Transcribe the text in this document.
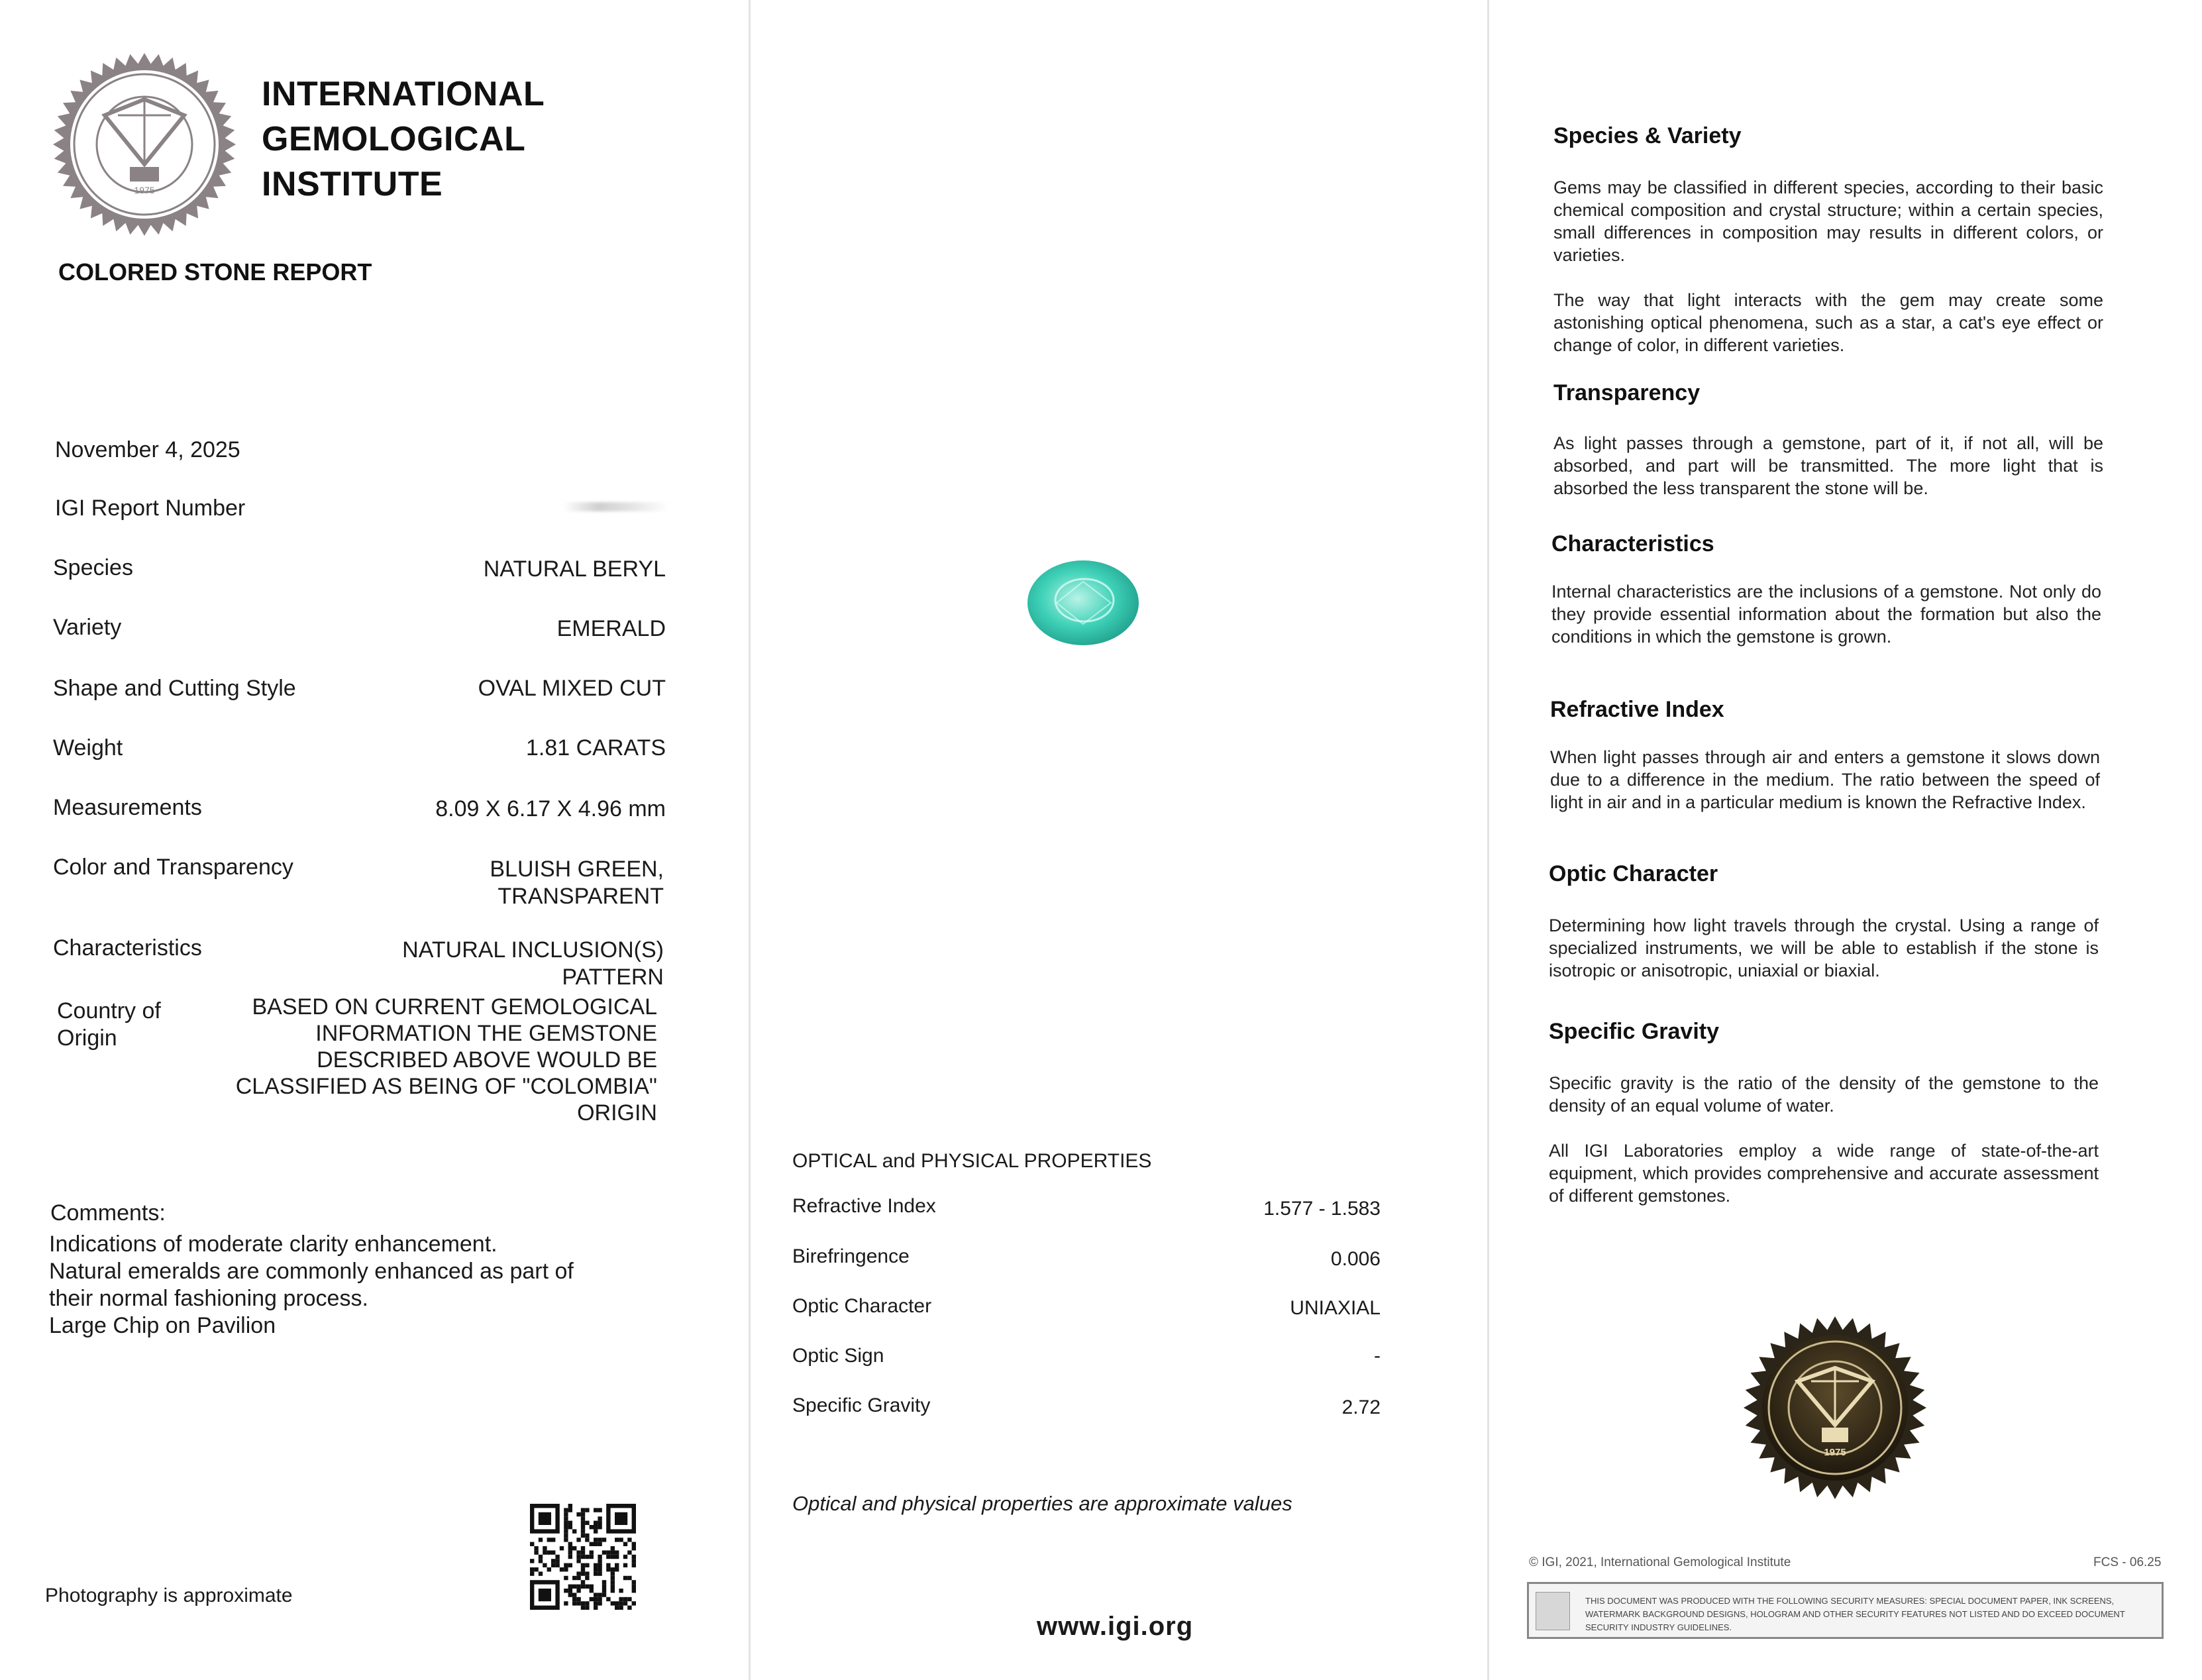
1975
INTERNATIONAL
GEMOLOGICAL
INSTITUTE
COLORED STONE REPORT
November 4, 2025
IGI Report Number
Species	NATURAL BERYL
Variety	EMERALD
Shape and Cutting Style	OVAL MIXED CUT
Weight	1.81 CARATS
Measurements	8.09 X 6.17 X 4.96 mm
Color and Transparency	BLUISH GREEN,
TRANSPARENT
Characteristics	NATURAL INCLUSION(S)
PATTERN
Country of
Origin
BASED ON CURRENT GEMOLOGICAL
INFORMATION THE GEMSTONE
DESCRIBED ABOVE WOULD BE
CLASSIFIED AS BEING OF "COLOMBIA"
ORIGIN
Comments:
Indications of moderate clarity enhancement.
Natural emeralds are commonly enhanced as part of
their normal fashioning process.
Large Chip on Pavilion
Photography is approximate
OPTICAL and PHYSICAL PROPERTIES
Refractive Index	1.577 - 1.583
Birefringence	0.006
Optic Character	UNIAXIAL
Optic Sign	-
Specific Gravity	2.72
Optical and physical properties are approximate values
www.igi.org
Species & Variety
Gems may be classified in different species, according to their basic chemical composition and crystal structure; within a certain species, small differences in composition may results in different colors, or varieties.
The way that light interacts with the gem may create some astonishing optical phenomena, such as a star, a cat's eye effect or change of color, in different varieties.
Transparency
As light passes through a gemstone, part of it, if not all, will be absorbed, and part will be transmitted. The more light that is absorbed the less transparent the stone will be.
Characteristics
Internal characteristics are the inclusions of a gemstone. Not only do they provide essential information about the formation but also the conditions in which the gemstone is grown.
Refractive Index
When light passes through air and enters a gemstone it slows down due to a difference in the medium. The ratio between the speed of light in air and in a particular medium is known the Refractive Index.
Optic Character
Determining how light travels through the crystal. Using a range of specialized instruments, we will be able to establish if the stone is isotropic or anisotropic, uniaxial or biaxial.
Specific Gravity
Specific gravity is the ratio of the density of the gemstone to the density of an equal volume of water.
All IGI Laboratories employ a wide range of state-of-the-art equipment, which provides comprehensive and accurate assessment of different gemstones.
1975
© IGI, 2021, International Gemological Institute	FCS - 06.25
THIS DOCUMENT WAS PRODUCED WITH THE FOLLOWING SECURITY MEASURES: SPECIAL DOCUMENT PAPER, INK SCREENS, WATERMARK BACKGROUND DESIGNS, HOLOGRAM AND OTHER SECURITY FEATURES NOT LISTED AND DO EXCEED DOCUMENT SECURITY INDUSTRY GUIDELINES.
